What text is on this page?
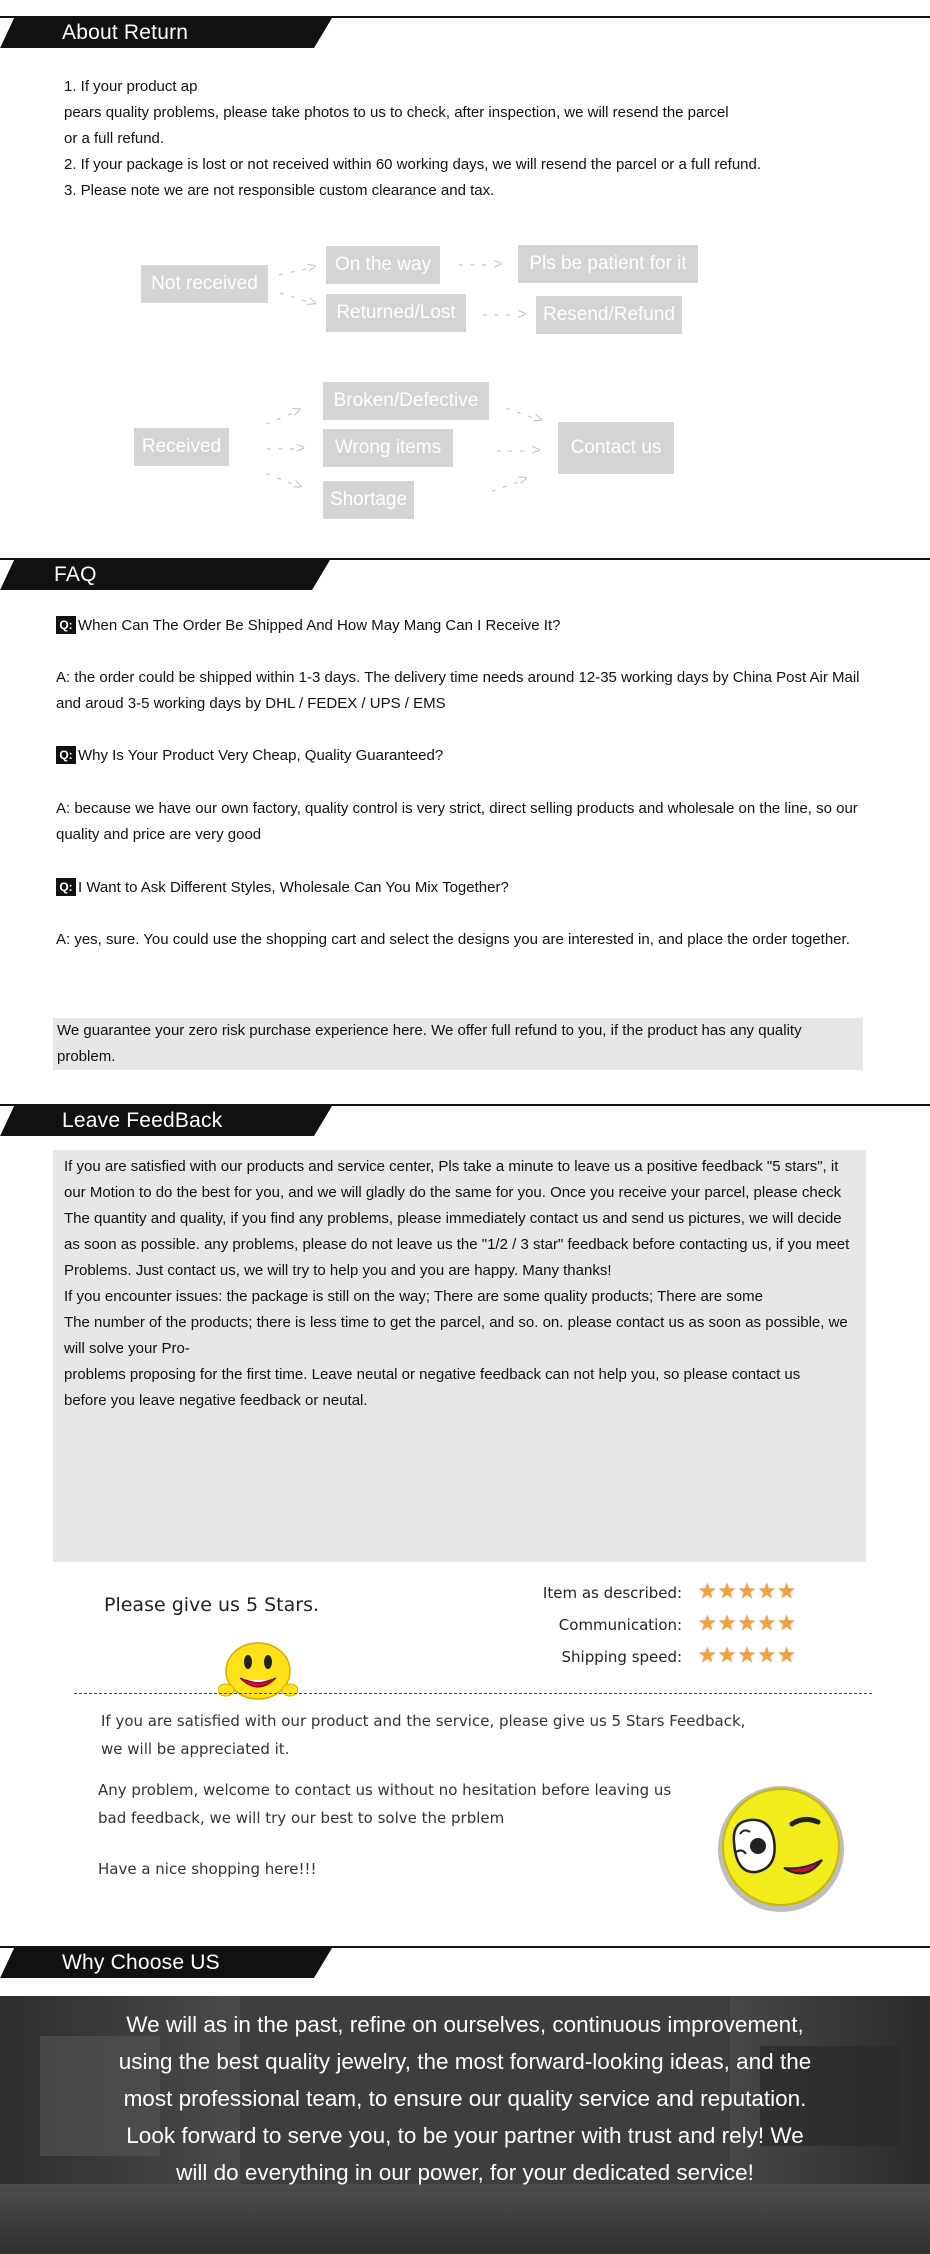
About Return
1. If your product ap
pears quality problems, please take photos to us to check, after inspection, we will resend the parcel
or a full refund.
2. If your package is lost or not received within 60 working days, we will resend the parcel or a full refund.
3. Please note we are not responsible custom clearance and tax.
Not received
- - ->
- - ->
On the way
Returned/Lost
- - - >
- - - >
Pls be patient for it
Resend/Refund
Received
- - ->
- - ->
- - ->
Broken/Defective
Wrong items
Shortage
- - ->
- - - >
- - ->
Contact us
FAQ
Q: When Can The Order Be Shipped And How May Mang Can I Receive It?
A: the order could be shipped within 1-3 days. The delivery time needs around 12-35 working days by China Post Air Mail and aroud 3-5 working days by DHL / FEDEX / UPS / EMS
Q: Why Is Your Product Very Cheap, Quality Guaranteed?
A: because we have our own factory, quality control is very strict, direct selling products and wholesale on the line, so our quality and price are very good
Q: I Want to Ask Different Styles, Wholesale Can You Mix Together?
A: yes, sure. You could use the shopping cart and select the designs you are interested in, and place the order together.
We guarantee your zero risk purchase experience here. We offer full refund to you, if the product has any quality problem.
Leave FeedBack
If you are satisfied with our products and service center, Pls take a minute to leave us a positive feedback "5 stars", it
our Motion to do the best for you, and we will gladly do the same for you. Once you receive your parcel, please check
The quantity and quality, if you find any problems, please immediately contact us and send us pictures, we will decide
as soon as possible. any problems, please do not leave us the "1/2 / 3 star" feedback before contacting us, if you meet
Problems. Just contact us, we will try to help you and you are happy. Many thanks!
If you encounter issues: the package is still on the way; There are some quality products; There are some
The number of the products; there is less time to get the parcel, and so. on. please contact us as soon as possible, we will solve your Pro-
problems proposing for the first time. Leave neutal or negative feedback can not help you, so please contact us
before you leave negative feedback or neutal.
Please give us 5 Stars.
Item as described: ★★★★★
Communication: ★★★★★
Shipping speed: ★★★★★
If you are satisfied with our product and the service, please give us 5 Stars Feedback,
we will be appreciated it.
Any problem, welcome to contact us without no hesitation before leaving us
bad feedback, we will try our best to solve the prblem
Have a nice shopping here!!!
Why Choose US
We will as in the past, refine on ourselves, continuous improvement, using the best quality jewelry, the most forward-looking ideas, and the most professional team, to ensure our quality service and reputation. Look forward to serve you, to be your partner with trust and rely! We will do everything in our power, for your dedicated service!
